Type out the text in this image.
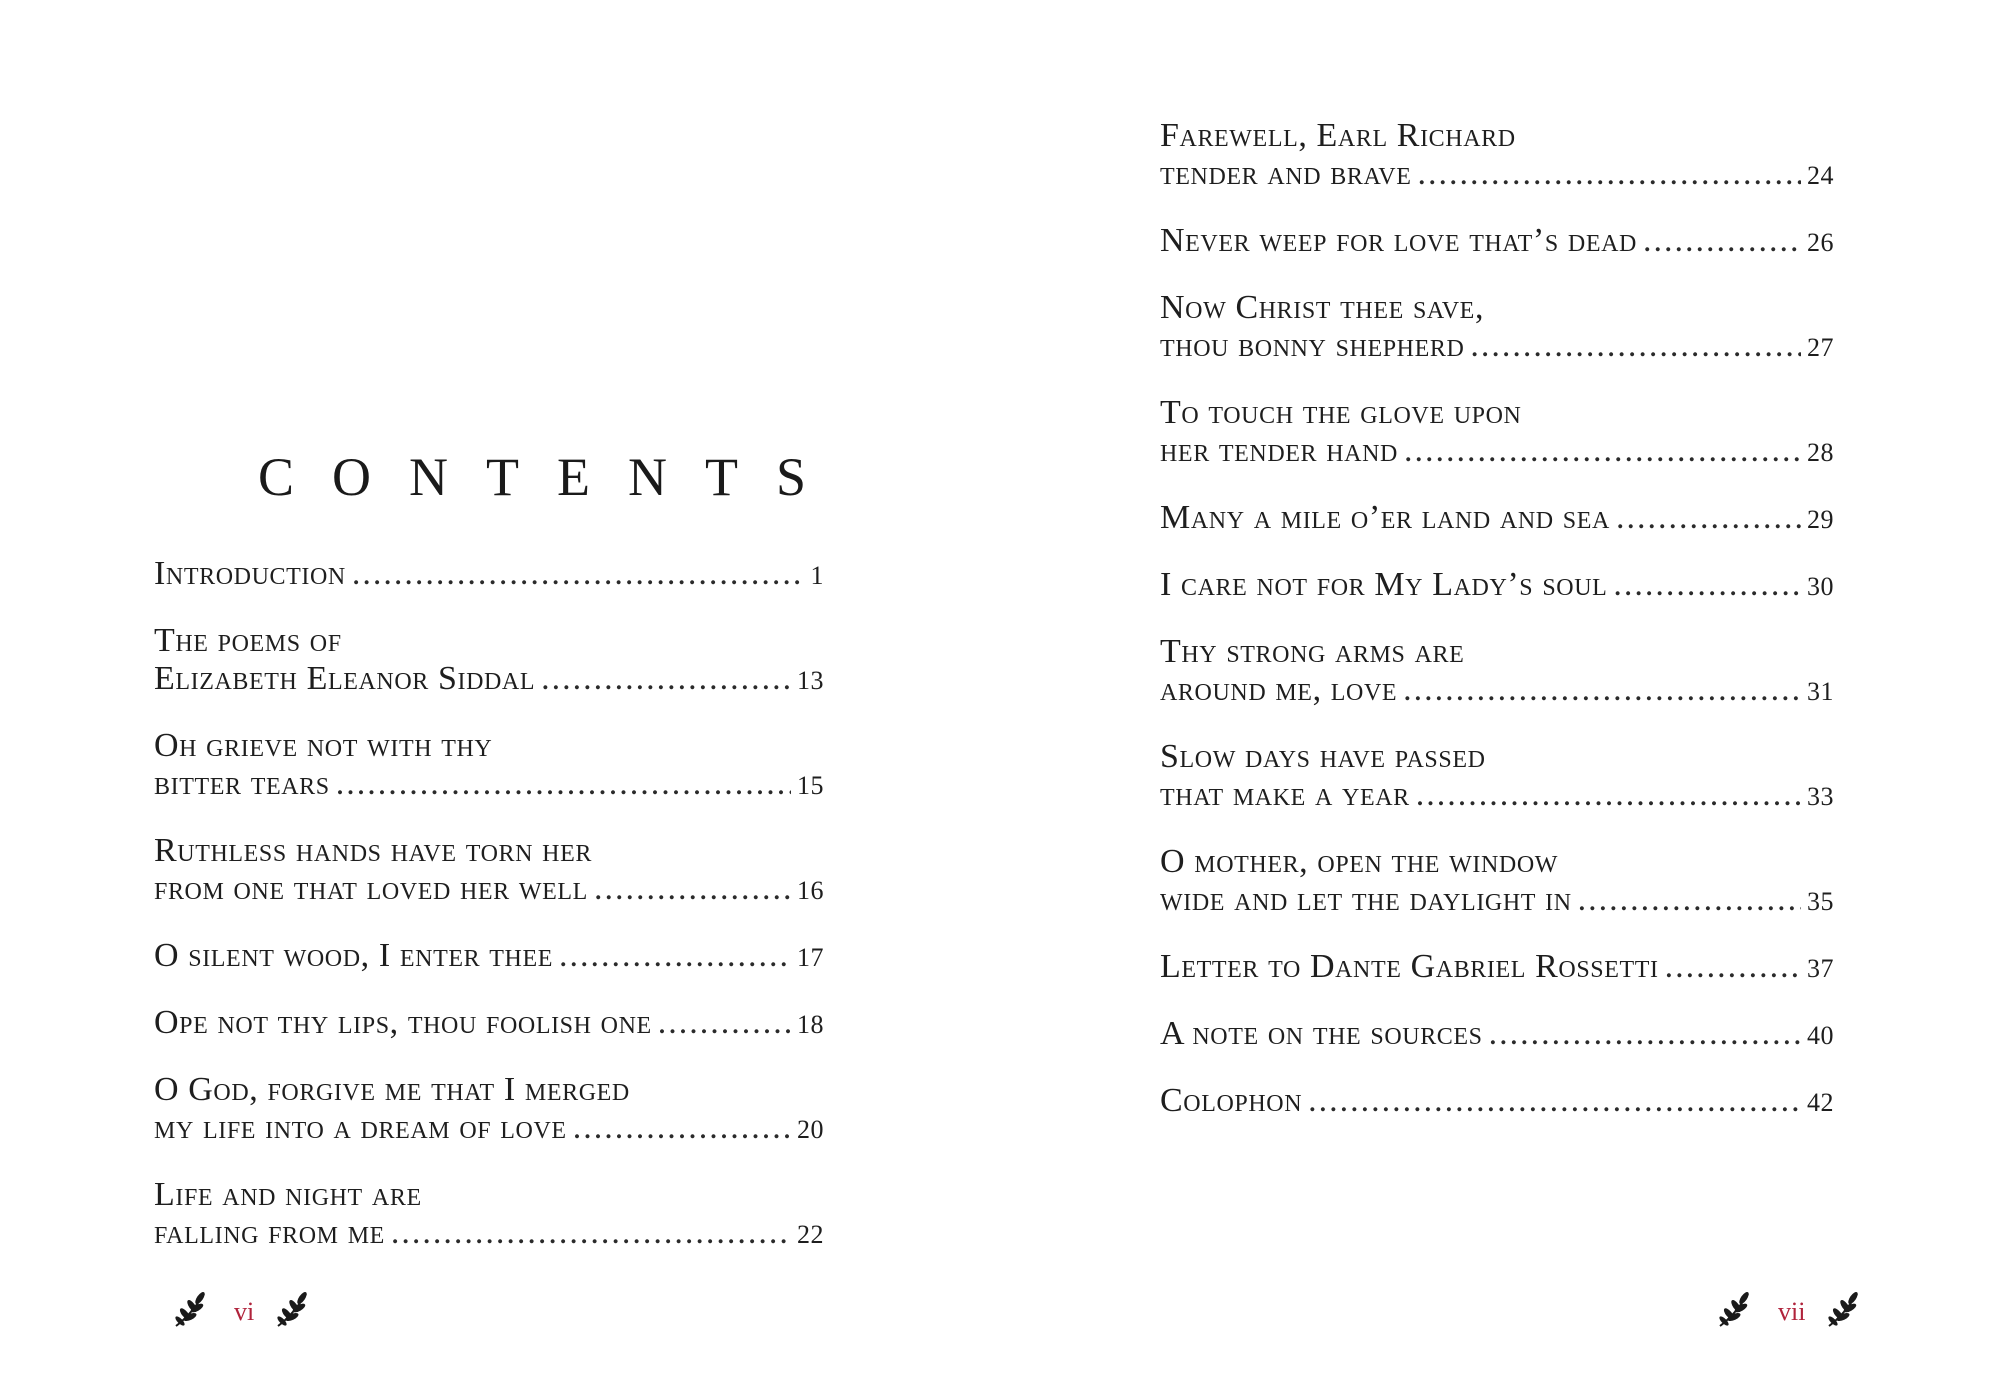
CONTENTS
Introduction .....	1
The poems of
Elizabeth Eleanor Siddal .....	13
Oh grieve not with thy
bitter tears .....	15
Ruthless hands have torn her
from one that loved her well .....	16
O silent wood, I enter thee .....	17
Ope not thy lips, thou foolish one .....	18
O God, forgive me that I merged
my life into a dream of love .....	20
Life and night are
falling from me .....	22
vi
Farewell, Earl Richard
tender and brave .....	24
Never weep for love that’s dead .....	26
Now Christ thee save,
thou bonny shepherd .....	27
To touch the glove upon
her tender hand .....	28
Many a mile o’er land and sea .....	29
I care not for My Lady’s soul .....	30
Thy strong arms are
around me, love .....	31
Slow days have passed
that make a year .....	33
O mother, open the window
wide and let the daylight in .....	35
Letter to Dante Gabriel Rossetti .....	37
A note on the sources .....	40
Colophon .....	42
vii
